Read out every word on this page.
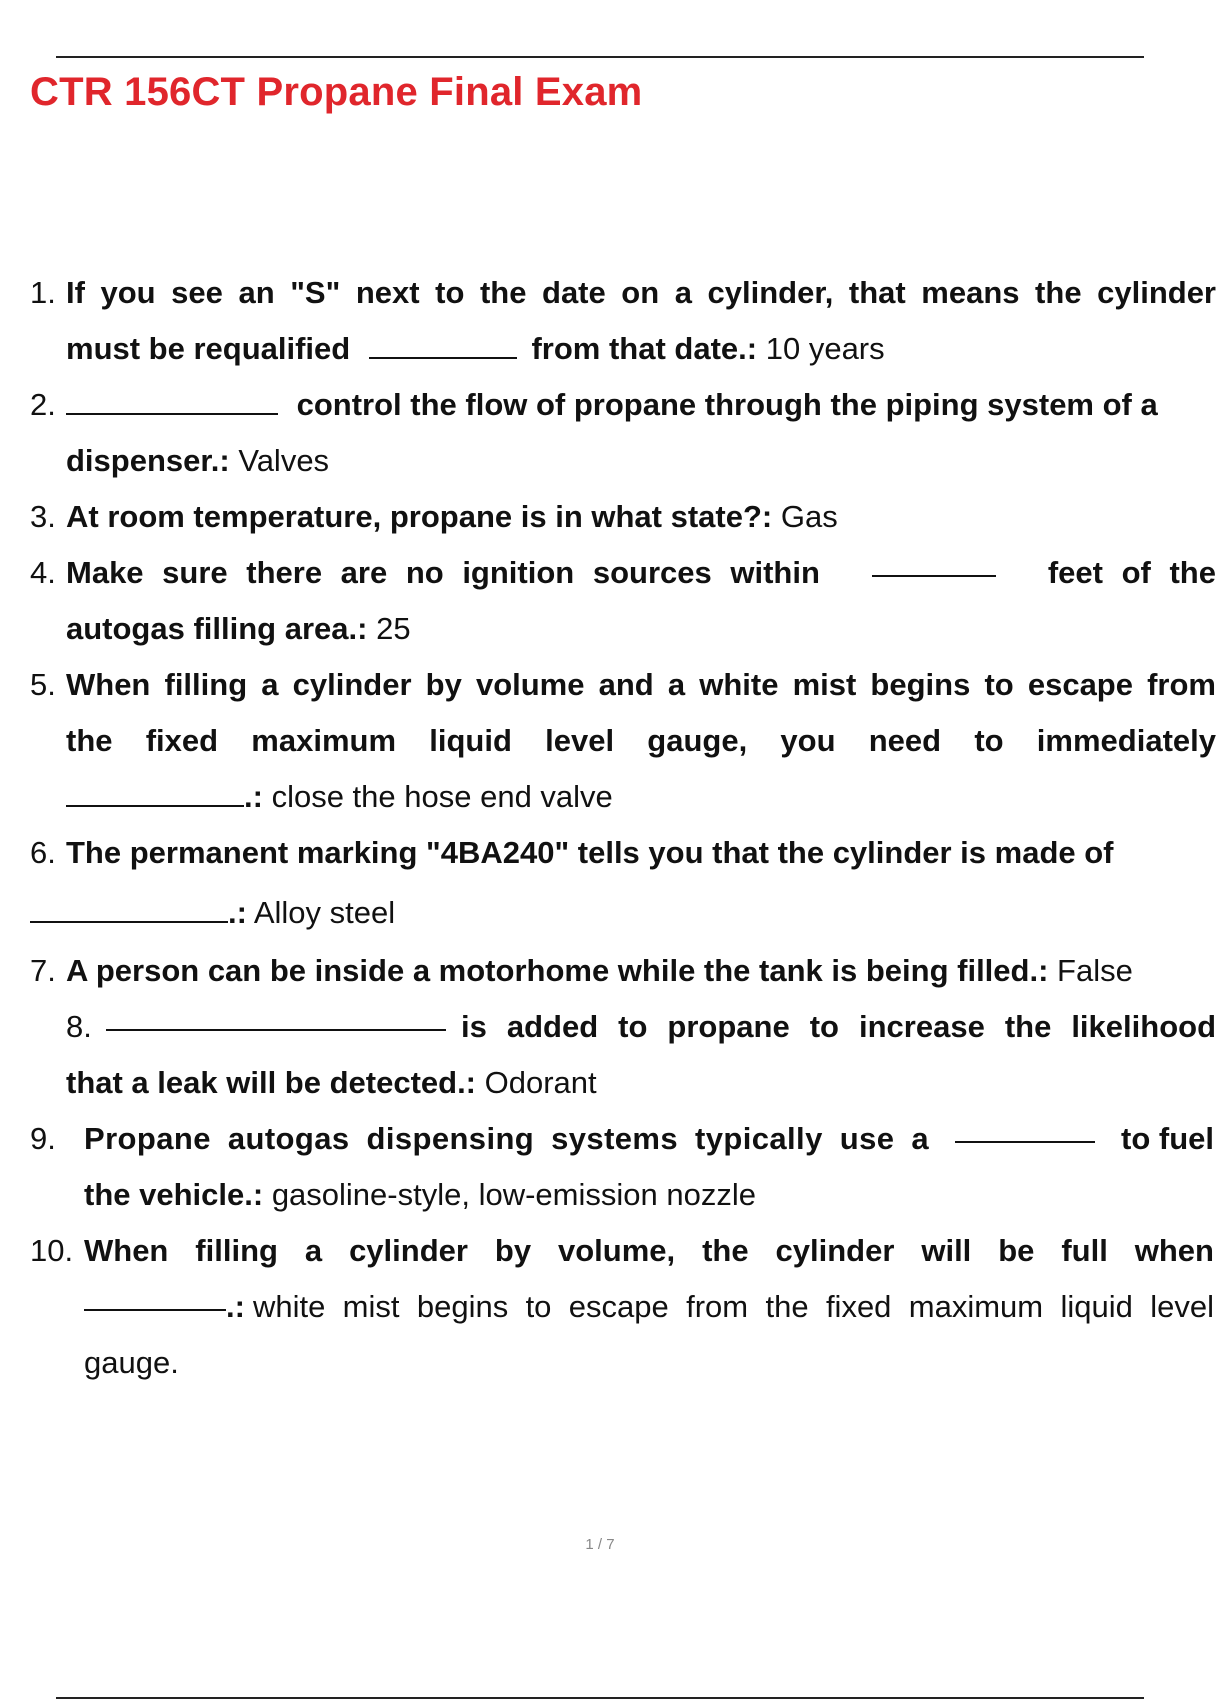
CTR 156CT Propane Final Exam
1. If you see an "S" next to the date on a cylinder, that means the cylinder
must be requalified	from that date.: 10 years
2.	control the flow of propane through the piping system of a
dispenser.: Valves
3. At room temperature, propane is in what state?: Gas
4. Make sure there are no ignition sources within	feet of the
autogas filling area.: 25
5. When filling a cylinder by volume and a white mist begins to escape from
the fixed maximum liquid level gauge, you need to immediately
.: close the hose end valve
6. The permanent marking "4BA240" tells you that the cylinder is made of
.: Alloy steel
7. A person can be inside a motorhome while the tank is being filled.: False
8.	is added to propane to increase the likelihood
that a leak will be detected.: Odorant
9. Propane autogas dispensing systems typically use a	to fuel
the vehicle.: gasoline-style, low-emission nozzle
10. When filling a cylinder by volume, the cylinder will be full when
.: white mist begins to escape from the fixed maximum liquid level
gauge.
1 / 7
